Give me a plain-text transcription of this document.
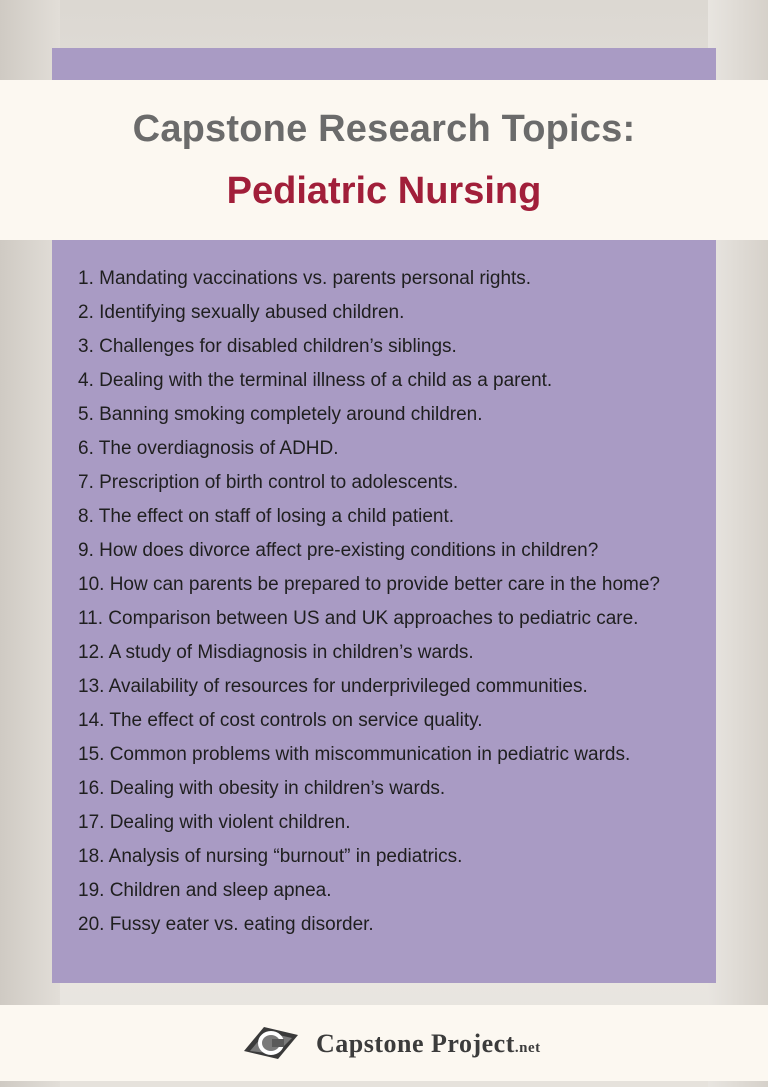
Capstone Research Topics:
Pediatric Nursing
1. Mandating vaccinations vs. parents personal rights.
2. Identifying sexually abused children.
3. Challenges for disabled children’s siblings.
4. Dealing with the terminal illness of a child as a parent.
5. Banning smoking completely around children.
6. The overdiagnosis of ADHD.
7. Prescription of birth control to adolescents.
8. The effect on staff of losing a child patient.
9. How does divorce affect pre-existing conditions in children?
10. How can parents be prepared to provide better care in the home?
11. Comparison between US and UK approaches to pediatric care.
12. A study of Misdiagnosis in children’s wards.
13. Availability of resources for underprivileged communities.
14. The effect of cost controls on service quality.
15. Common problems with miscommunication in pediatric wards.
16. Dealing with obesity in children’s wards.
17. Dealing with violent children.
18. Analysis of nursing “burnout” in pediatrics.
19. Children and sleep apnea.
20. Fussy eater vs. eating disorder.
Capstone Project.net
